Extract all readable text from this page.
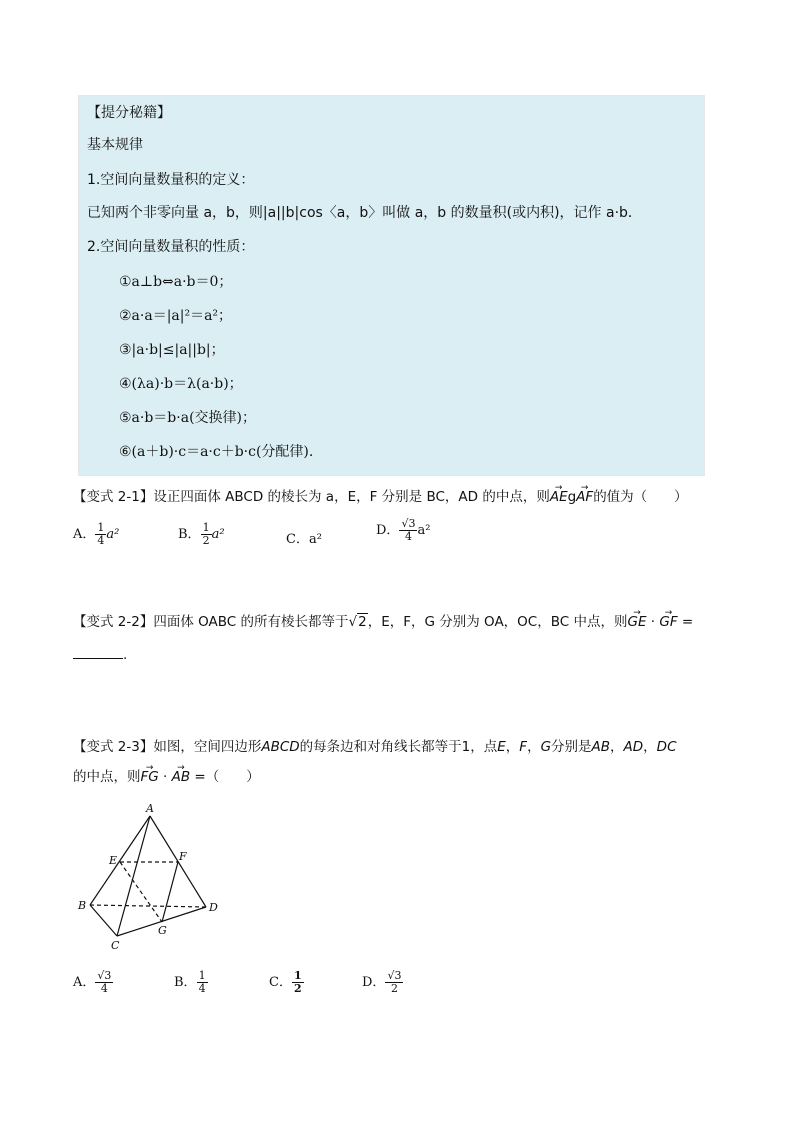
【提分秘籍】
基本规律
1.空间向量数量积的定义：
已知两个非零向量 a，b，则|a||b|cos〈a，b〉叫做 a，b 的数量积(或内积)，记作 a·b．
2.空间向量数量积的性质：
①a⊥b⇔a·b＝0；
②a·a＝|a|²＝a²；
③|a·b|≤|a||b|；
④(λa)·b＝λ(a·b)；
⑤a·b＝b·a(交换律)；
⑥(a＋b)·c＝a·c＋b·c(分配律).
【变式 2-1】设正四面体 ABCD 的棱长为 a，E，F 分别是 BC，AD 的中点，则→ AEg→ AF的值为（　　）
A． $\frac{1}{4} a^2$	B． $\frac{1}{2} a^2$	C．a²
D． $\frac{√3}{4} a^2$
【变式 2-2】四面体 OABC 的所有棱长都等于√2，E，F，G 分别为 OA，OC，BC 中点，则→ GE · → GF =
.
【变式 2-3】如图，空间四边形ABCD的每条边和对角线长都等于1，点E，F，G分别是AB，AD，DC
的中点，则→ FG · → AB =（　　）
A
E	F
B	D
C
G
A． $\frac{√3}{4}$	B． $\frac{1}{4}$	C． $\frac{1}{2}$	D． $\frac{√3}{2}$
